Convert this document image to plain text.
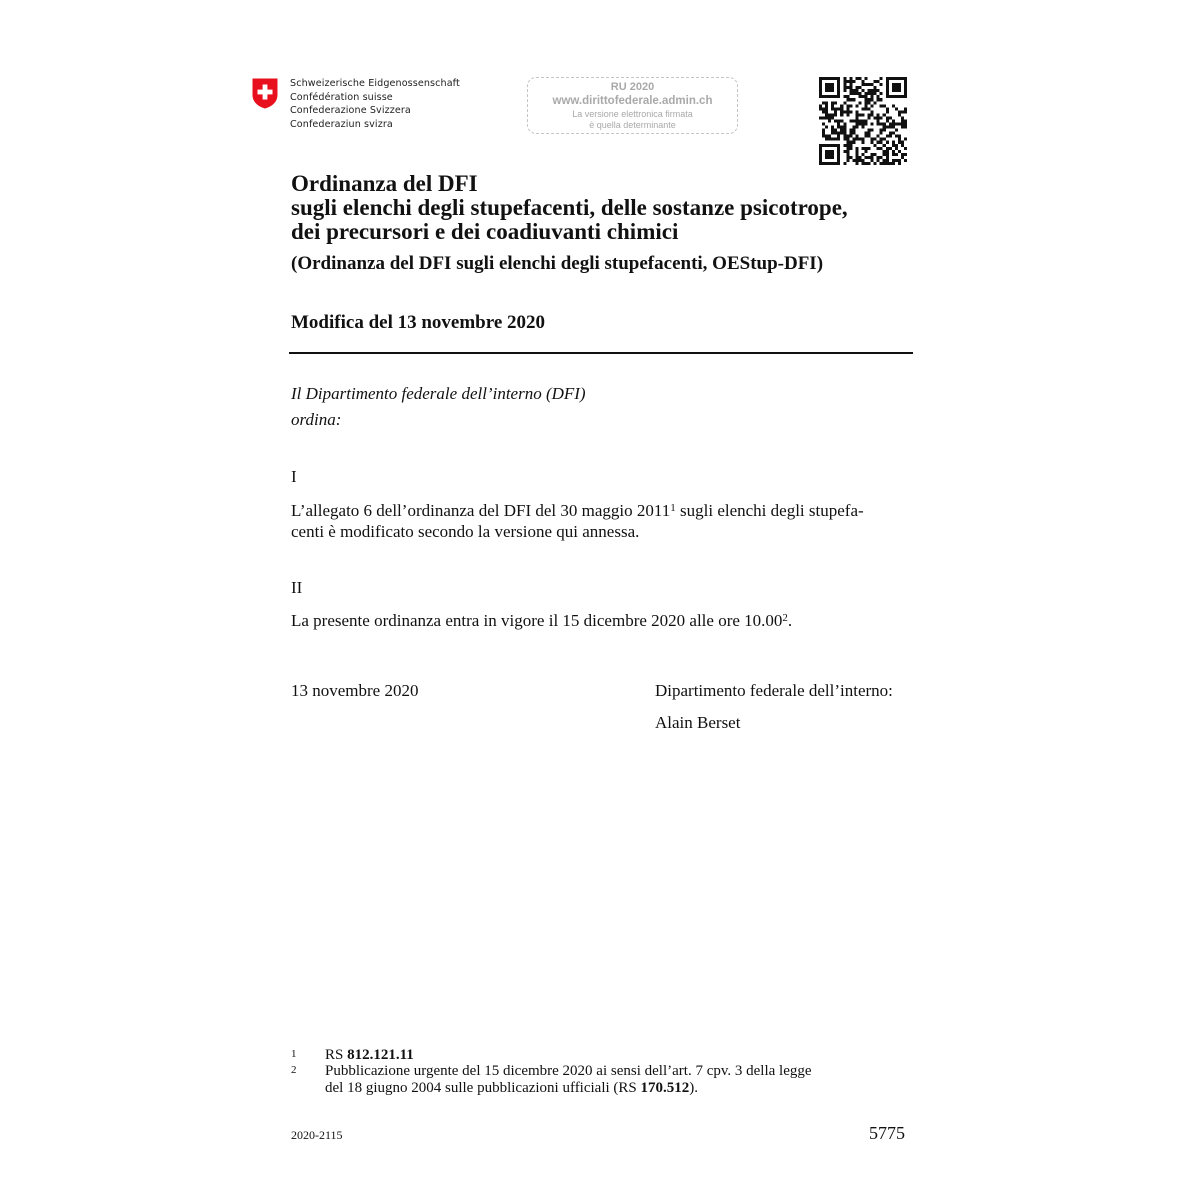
Schweizerische Eidgenossenschaft
Confédération suisse
Confederazione Svizzera
Confederaziun svizra
RU 2020
www.dirittofederale.admin.ch
La versione elettronica firmata
è quella determinante
Ordinanza del DFI
sugli elenchi degli stupefacenti, delle sostanze psicotrope,
dei precursori e dei coadiuvanti chimici
(Ordinanza del DFI sugli elenchi degli stupefacenti, OEStup-DFI)
Modifica del 13 novembre 2020
Il Dipartimento federale dell’interno (DFI)
ordina:
I
L’allegato 6 dell’ordinanza del DFI del 30 maggio 2011$^1$ sugli elenchi degli stupefa-
centi è modificato secondo la versione qui annessa.
II
La presente ordinanza entra in vigore il 15 dicembre 2020 alle ore 10.00$^2$.
13 novembre 2020	Dipartimento federale dell’interno:
Alain Berset
1 RS 812.121.11
2 Pubblicazione urgente del 15 dicembre 2020 ai sensi dell’art. 7 cpv. 3 della legge
del 18 giugno 2004 sulle pubblicazioni ufficiali (RS 170.512).
2020-2115	5775
